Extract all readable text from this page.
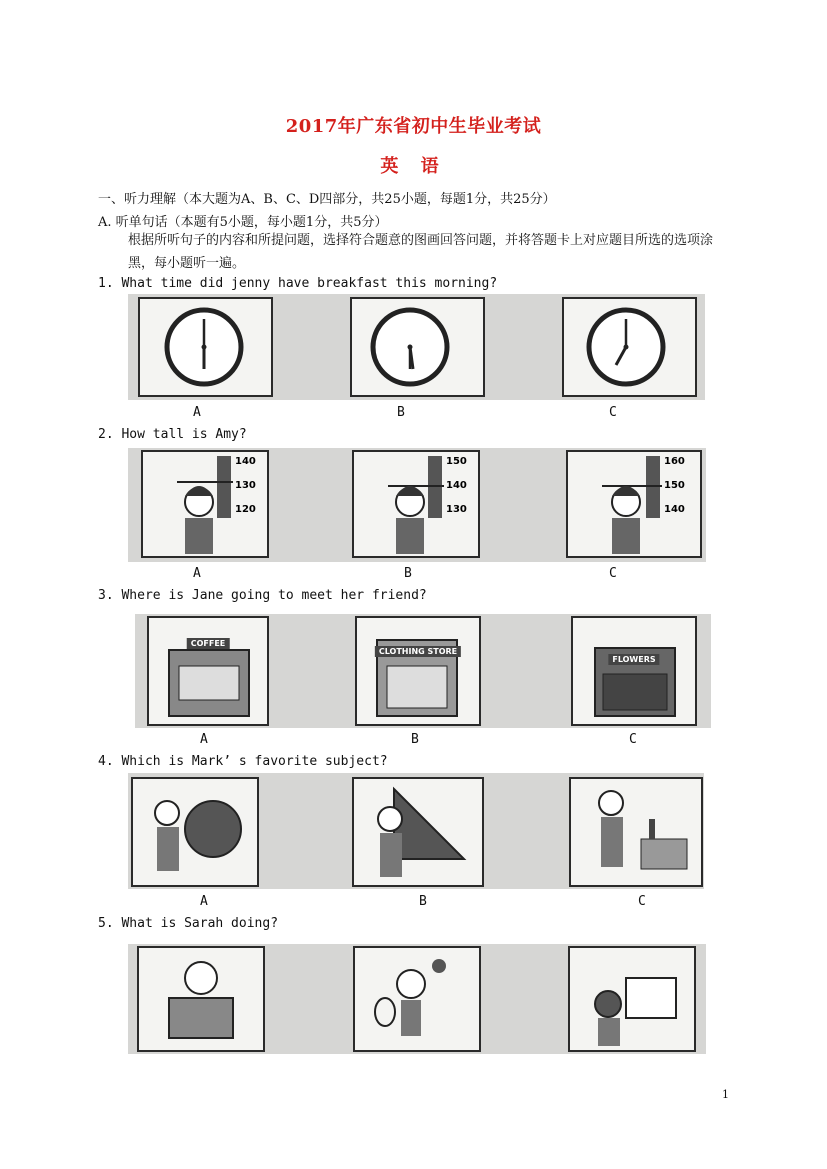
2017年广东省初中生毕业考试
英 语
一、听力理解（本大题为A、B、C、D四部分，共25小题，每题1分，共25分）
A. 听单句话（本题有5小题，每小题1分，共5分）
根据所听句子的内容和所提问题，选择符合题意的图画回答问题，并将答题卡上对应题目所选的选项涂黑，每小题听一遍。
1. What time did jenny have breakfast this morning?
A	B	C
2. How tall is Amy?
140
130
120
150
140
130
160
150
140
A	B	C
3. Where is Jane going to meet her friend?
COFFEE
CLOTHING STORE
FLOWERS
A	B	C
4. Which is Mark’ s favorite subject?
A	B	C
5. What is Sarah doing?
1
